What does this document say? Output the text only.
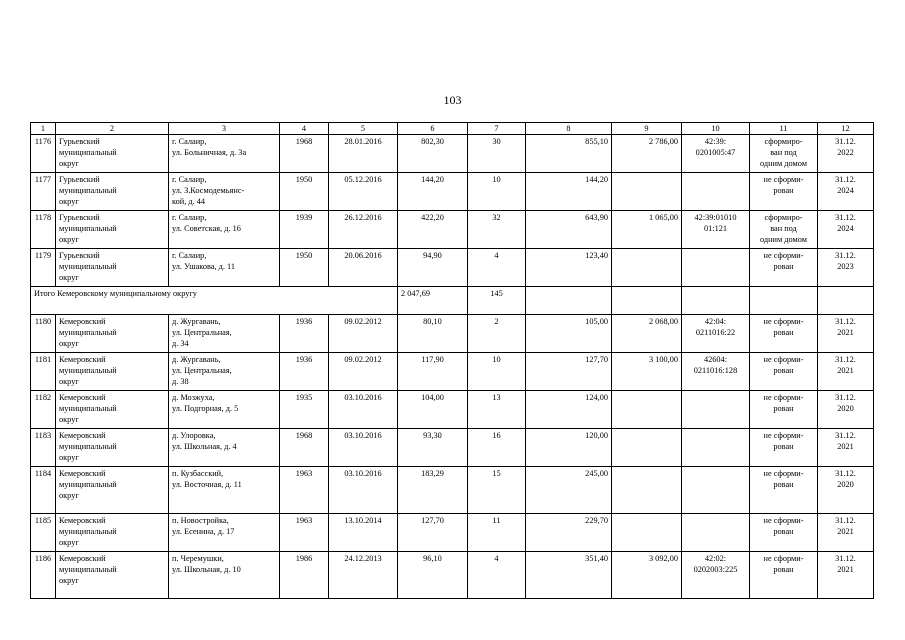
103
1	2	3	4	5	6	7	8	9	10	11	12
1176	Гурьевский
муниципальный
округ	г. Салаир,
ул. Больничная, д. 3а	1968	28.01.2016	802,30	30	855,10	2 786,00	42:39:
0201005:47	сформиро-
ван под
одним домом	31.12.
2022
1177	Гурьевский
муниципальный
округ	г. Салаир,
ул. З.Космодемьянс-
кой, д. 44	1950	05.12.2016	144,20	10	144,20			не сформи-
рован	31.12.
2024
1178	Гурьевский
муниципальный
округ	г. Салаир,
ул. Советская, д. 16	1939	26.12.2016	422,20	32	643,90	1 065,00	42:39:01010
01:121	сформиро-
ван под
одним домом	31.12.
2024
1179	Гурьевский
муниципальный
округ	г. Салаир,
ул. Ушакова, д. 11	1950	20.06.2016	94,90	4	123,40			не сформи-
рован	31.12.
2023
Итого Кемеровскому муниципальному округу					2 047,69	145					
1180	Кемеровский
муниципальный
округ	д. Жургавань,
ул. Центральная,
д. 34	1936	09.02.2012	80,10	2	105,00	2 068,00	42:04:
0211016:22	не сформи-
рован	31.12.
2021
1181	Кемеровский
муниципальный
округ	д. Жургавань,
ул. Центральная,
д. 38	1936	09.02.2012	117,90	10	127,70	3 100,00	42604:
0211016:128	не сформи-
рован	31.12.
2021
1182	Кемеровский
муниципальный
округ	д. Мозжуха,
ул. Подгорная, д. 5	1935	03.10.2016	104,00	13	124,00			не сформи-
рован	31.12.
2020
1183	Кемеровский
муниципальный
округ	д. Улоровка,
ул. Школьная, д. 4	1968	03.10.2016	93,30	16	120,00			не сформи-
рован	31.12.
2021
1184	Кемеровский
муниципальный
округ	п. Кузбасский,
ул. Восточная, д. 11	1963	03.10.2016	183,29	15	245,00			не сформи-
рован	31.12.
2020
1185	Кемеровский
муниципальный
округ	п. Новостройка,
ул. Есенина, д. 17	1963	13.10.2014	127,70	11	229,70			не сформи-
рован	31.12.
2021
1186	Кемеровский
муниципальный
округ	п. Черемушки,
ул. Школьная, д. 10	1986	24.12.2013	96,10	4	351,40	3 092,00	42:02:
0202003:225	не сформи-
рован	31.12.
2021
